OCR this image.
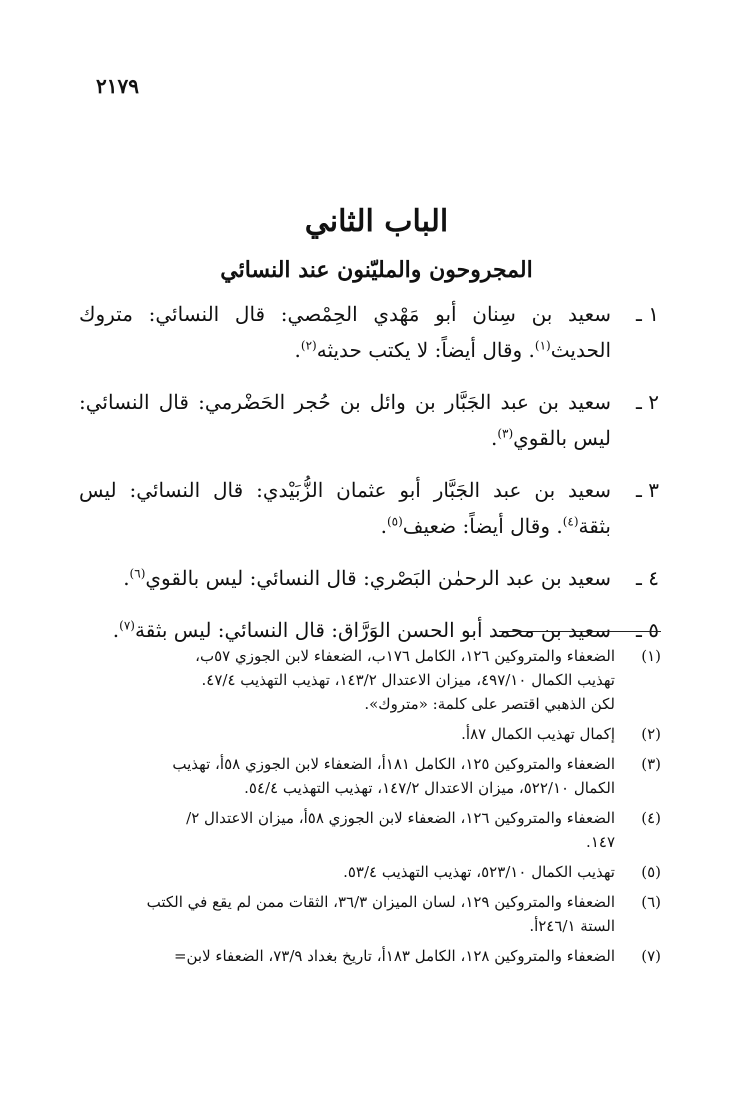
٢١٧٩
الباب الثاني
المجروحون والمليّنون عند النسائي
١ ـ
سعيد بن سِنان أبو مَهْدي الحِمْصي: قال النسائي: متروك الحديث$^{(١)}$. وقال أيضاً: لا يكتب حديثه$^{(٢)}$.
٢ ـ
سعيد بن عبد الجَبَّار بن وائل بن حُجر الحَضْرمي: قال النسائي: ليس بالقوي$^{(٣)}$.
٣ ـ
سعيد بن عبد الجَبَّار أبو عثمان الزُّبَيْدي: قال النسائي: ليس بثقة$^{(٤)}$. وقال أيضاً: ضعيف$^{(٥)}$.
٤ ـ
سعيد بن عبد الرحمٰن البَصْري: قال النسائي: ليس بالقوي$^{(٦)}$.
٥ ـ
سعيد بن محمد أبو الحسن الوَرَّاق: قال النسائي: ليس بثقة$^{(٧)}$.
(١)
الضعفاء والمتروكين ١٢٦، الكامل ١٧٦ب، الضعفاء لابن الجوزي ٥٧ب،
تهذيب الكمال ٤٩٧/١٠، ميزان الاعتدال ١٤٣/٢، تهذيب التهذيب ٤٧/٤.
لكن الذهبي اقتصر على كلمة: «متروك».
(٢)
إكمال تهذيب الكمال ٨٧أ.
(٣)
الضعفاء والمتروكين ١٢٥، الكامل ١٨١أ، الضعفاء لابن الجوزي ٥٨أ، تهذيب
الكمال ٥٢٢/١٠، ميزان الاعتدال ١٤٧/٢، تهذيب التهذيب ٥٤/٤.
(٤)
الضعفاء والمتروكين ١٢٦، الضعفاء لابن الجوزي ٥٨أ، ميزان الاعتدال ٢/
١٤٧.
(٥)
تهذيب الكمال ٥٢٣/١٠، تهذيب التهذيب ٥٣/٤.
(٦)
الضعفاء والمتروكين ١٢٩، لسان الميزان ٣٦/٣، الثقات ممن لم يقع في الكتب
الستة ٢٤٦/١أ.
(٧)
الضعفاء والمتروكين ١٢٨، الكامل ١٨٣أ، تاريخ بغداد ٧٣/٩، الضعفاء لابن=
